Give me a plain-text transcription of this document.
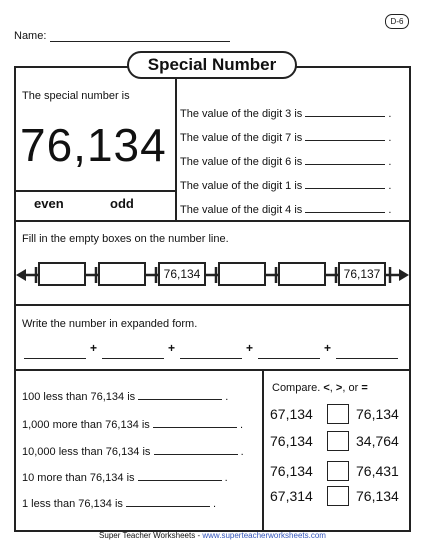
D-6
Name:
Special Number
The special number is
76,134
even	odd
The value of the digit 3 is	.
The value of the digit 7 is	.
The value of the digit 6 is	.
The value of the digit 1 is	.
The value of the digit 4 is	.
Fill in the empty boxes on the number line.
76,134	76,137
Write the number in expanded form.
+	+	+	+
100 less than 76,134 is	.
1,000 more than 76,134 is	.
10,000 less than 76,134 is	.
10 more than 76,134 is	.
1 less than 76,134 is	.
Compare. <, >, or =
67,134	76,134
76,134	34,764
76,134	76,431
67,314	76,134
Super Teacher Worksheets - www.superteacherworksheets.com
